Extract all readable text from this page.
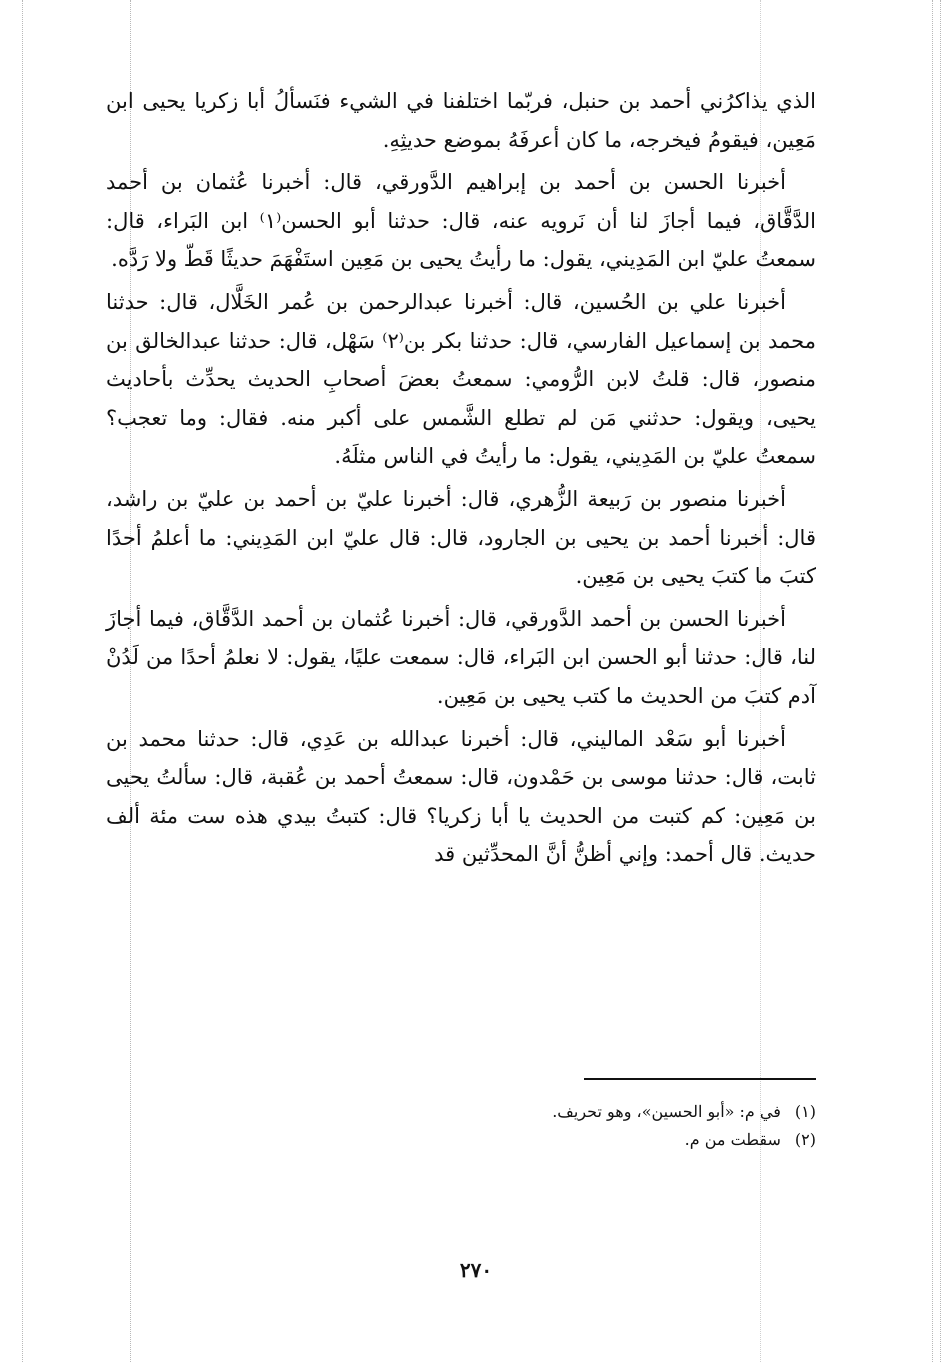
الذي يذاكرُني أحمد بن حنبل، فربّما اختلفنا في الشيء فنَسألُ أبا زكريا يحيى ابن مَعِين، فيقومُ فيخرجه، ما كان أعرفَهُ بموضع حديثِهِ.

أخبرنا الحسن بن أحمد بن إبراهيم الدَّورقي، قال: أخبرنا عُثمان بن أحمد الدَّقَّاق، فيما أجازَ لنا أن نَرويه عنه، قال: حدثنا أبو الحسن⁽١⁾ ابن البَراء، قال: سمعتُ عليّ ابن المَدِيني، يقول: ما رأيتُ يحيى بن مَعِين استَفْهَمَ حديثًا قَطّ ولا رَدَّه.

أخبرنا علي بن الحُسين، قال: أخبرنا عبدالرحمن بن عُمر الخَلَّال، قال: حدثنا محمد بن إسماعيل الفارسي، قال: حدثنا بكر بن⁽٢⁾ سَهْل، قال: حدثنا عبدالخالق بن منصور، قال: قلتُ لابن الرُّومي: سمعتُ بعضَ أصحابِ الحديث يحدِّث بأحاديث يحيى، ويقول: حدثني مَن لم تطلع الشَّمس على أكبر منه. فقال: وما تعجب؟ سمعتُ عليّ بن المَدِيني، يقول: ما رأيتُ في الناس مثلَهُ.

أخبرنا منصور بن رَبيعة الزُّهري، قال: أخبرنا عليّ بن أحمد بن عليّ بن راشد، قال: أخبرنا أحمد بن يحيى بن الجارود، قال: قال عليّ ابن المَدِيني: ما أعلمُ أحدًا كتبَ ما كتبَ يحيى بن مَعِين.

أخبرنا الحسن بن أحمد الدَّورقي، قال: أخبرنا عُثمان بن أحمد الدَّقَّاق، فيما أجازَ لنا، قال: حدثنا أبو الحسن ابن البَراء، قال: سمعت عليًا، يقول: لا نعلمُ أحدًا من لَدُنْ آدم كتبَ من الحديث ما كتب يحيى بن مَعِين.

أخبرنا أبو سَعْد الماليني، قال: أخبرنا عبدالله بن عَدِي، قال: حدثنا محمد بن ثابت، قال: حدثنا موسى بن حَمْدون، قال: سمعتُ أحمد بن عُقبة، قال: سألتُ يحيى بن مَعِين: كم كتبت من الحديث يا أبا زكريا؟ قال: كتبتُ بيدي هذه ست مئة ألف حديث. قال أحمد: وإني أظنُّ أنَّ المحدِّثين قد

(١)في م: «أبو الحسين»، وهو تحريف.

(٢)سقطت من م.

٢٧٠
